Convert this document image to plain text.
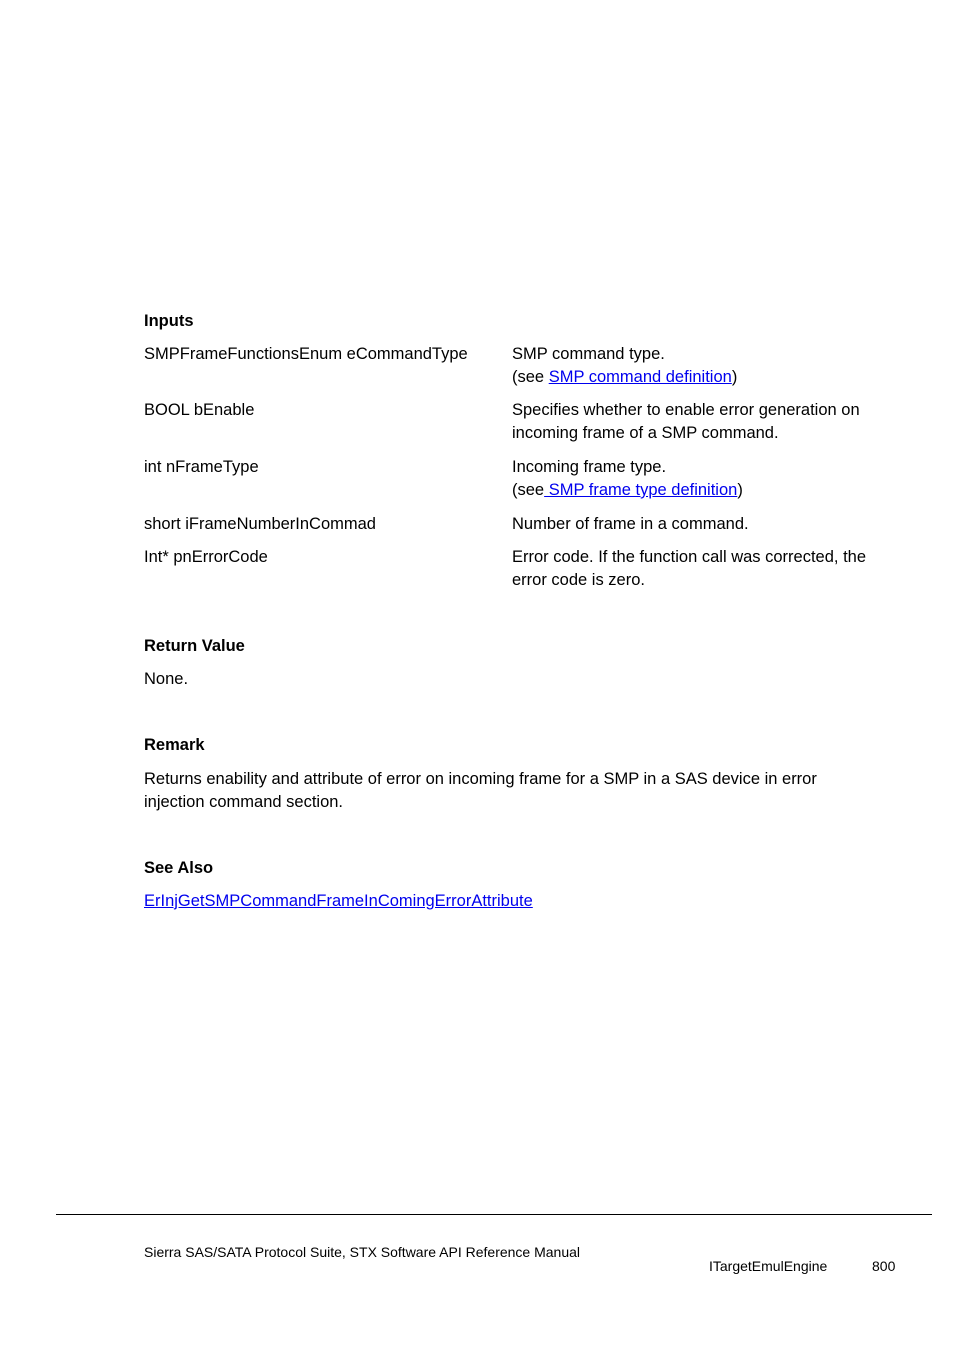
Inputs
SMPFrameFunctionsEnum eCommandType	SMP command type.
(see SMP command definition)
BOOL bEnable	Specifies whether to enable error generation on
incoming frame of a SMP command.
int nFrameType	Incoming frame type.
(see SMP frame type definition)
short iFrameNumberInCommad	Number of frame in a command.
Int* pnErrorCode	Error code. If the function call was corrected, the
error code is zero.
Return Value
None.
Remark
Returns enability and attribute of error on incoming frame for a SMP in a SAS device in error
injection command section.
See Also
ErInjGetSMPCommandFrameInComingErrorAttribute
Sierra SAS/SATA Protocol Suite, STX Software API Reference Manual
ITargetEmulEngine	800
